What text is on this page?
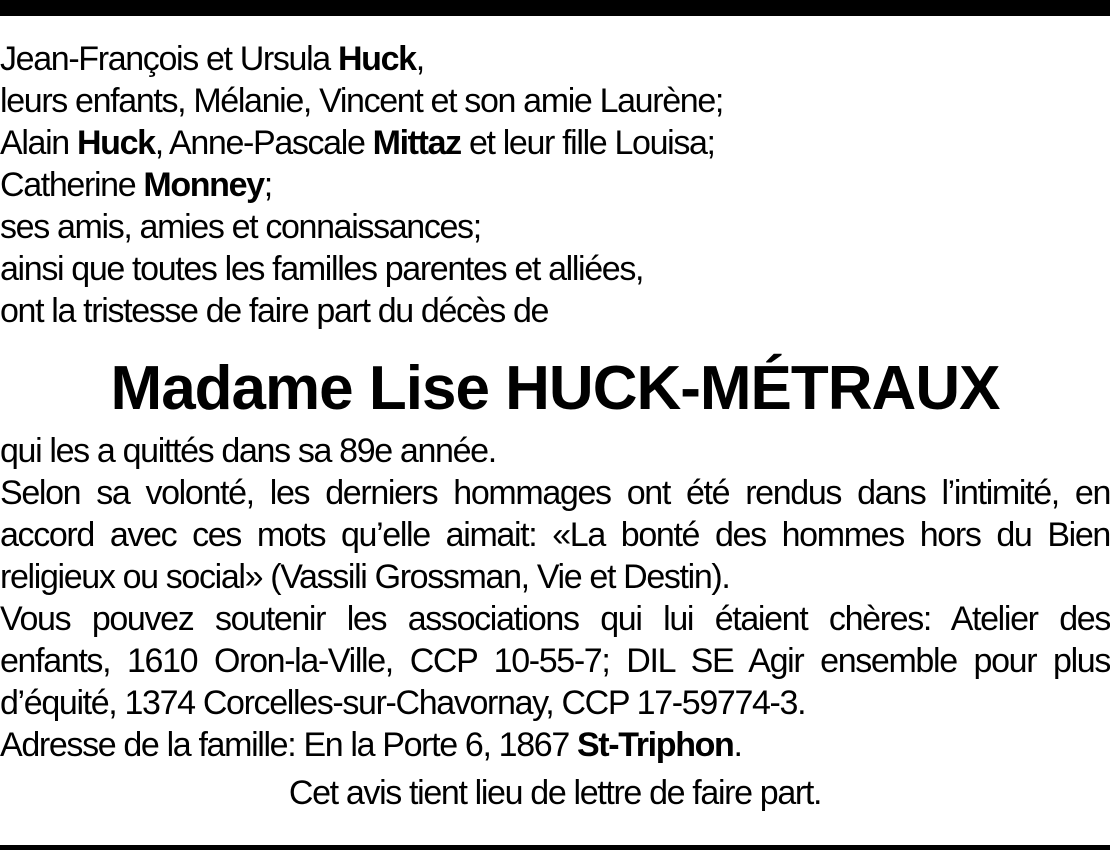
Jean-François et Ursula Huck,
leurs enfants, Mélanie, Vincent et son amie Laurène;
Alain Huck, Anne-Pascale Mittaz et leur fille Louisa;
Catherine Monney;
ses amis, amies et connaissances;
ainsi que toutes les familles parentes et alliées,
ont la tristesse de faire part du décès de
Madame Lise HUCK-MÉTRAUX
qui les a quittés dans sa 89e année.
Selon sa volonté, les derniers hommages ont été rendus dans l’intimité, en
accord avec ces mots qu’elle aimait: «La bonté des hommes hors du Bien
religieux ou social» (Vassili Grossman, Vie et Destin).
Vous pouvez soutenir les associations qui lui étaient chères: Atelier des
enfants, 1610 Oron-la-Ville, CCP 10-55-7; DIL SE Agir ensemble pour plus
d’équité, 1374 Corcelles-sur-Chavornay, CCP 17-59774-3.
Adresse de la famille: En la Porte 6, 1867 St-Triphon.
Cet avis tient lieu de lettre de faire part.
